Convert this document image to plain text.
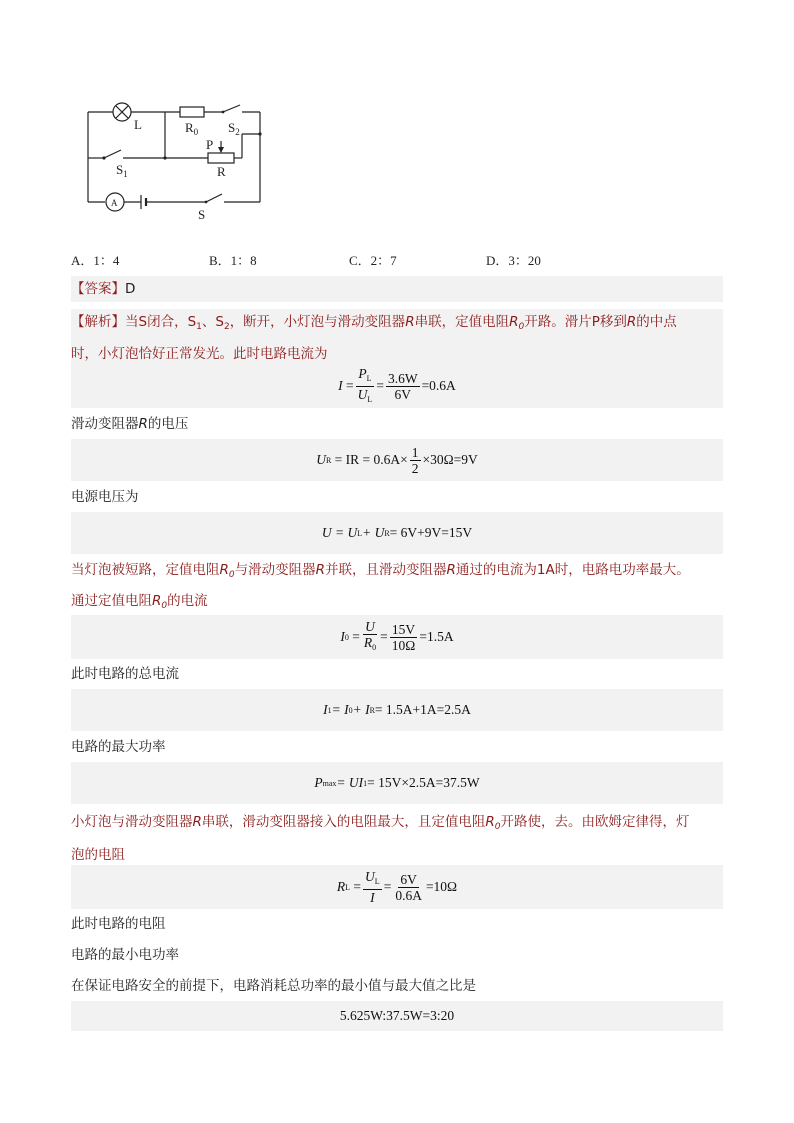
L	$R_0$ $S_2$
P
R
$S_1$
A
S
A．1：4	B．1：8	C．2：7	D．3：20
【答案】D
【解析】当S闭合，$S_1$、$S_2$，断开，小灯泡与滑动变阻器R串联，定值电阻$R_0$开路。滑片P移到R的中点
时，小灯泡恰好正常发光。此时电路电流为
I
= $\frac{P_L}{U_L} = \frac{3.6W}{6V} =0.6A$
滑动变阻器R的电压
U R
= IR = $0.6A\times \frac{1}{2} \times 30\Omega=9V$
电源电压为
U = U L + U R = 6V+9V=15V
当灯泡被短路，定值电阻$R_0$与滑动变阻器R并联，且滑动变阻器R通过的电流为1A时，电路电功率最大。
通过定值电阻$R_0$的电流
I $0 = \frac{U}{R_0} = \frac{15V}{10\Omega} =1.5A$
此时电路的总电流
I 1 = I 0 + I R = 1.5A+1A=2.5A
电路的最大功率
P max = UI 1 = 15V×2.5A=37.5W
小灯泡与滑动变阻器R串联，滑动变阻器接入的电阻最大，且定值电阻$R_0$开路使，去。由欧姆定律得，灯
泡的电阻
R $L = \frac{U_L}{I} = \frac{6V}{0.6A} =10\Omega$
此时电路的电阻
电路的最小电功率
在保证电路安全的前提下，电路消耗总功率的最小值与最大值之比是
5.625W:37.5W=3:20
